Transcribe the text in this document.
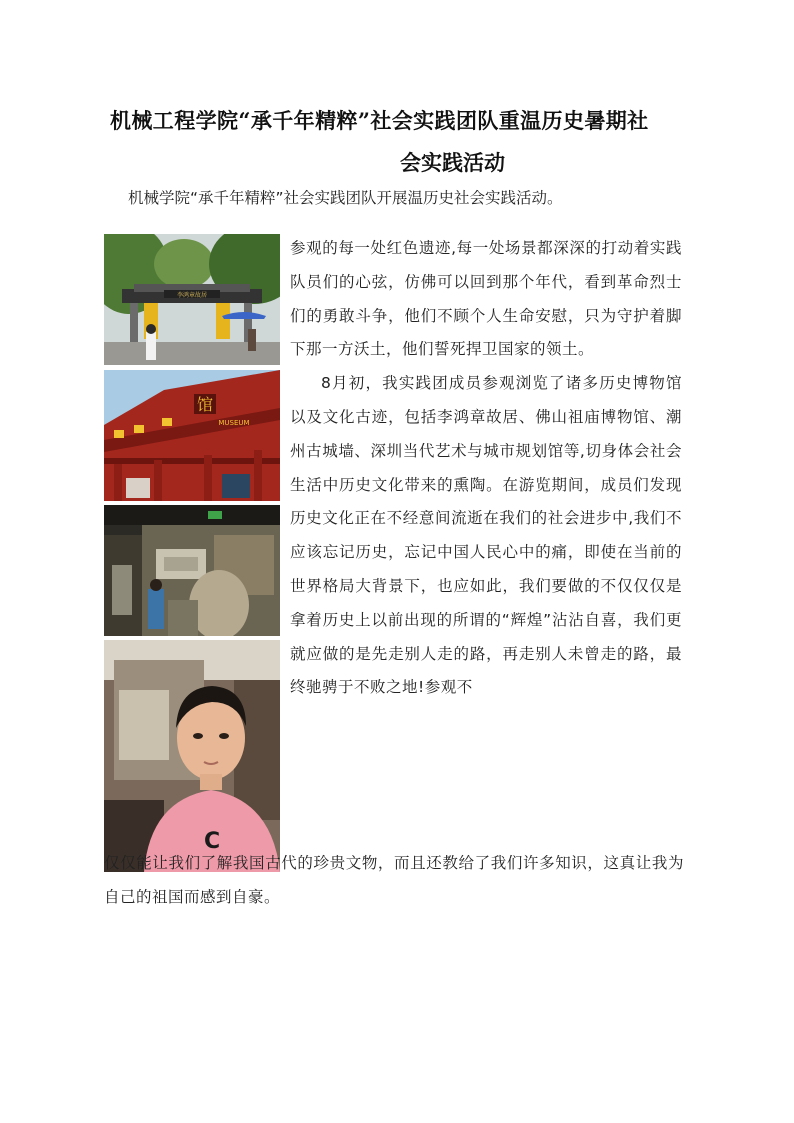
机械工程学院“承千年精粹”社会实践团队重温历史暑期社
会实践活动
机械学院“承千年精粹”社会实践团队开展温历史社会实践活动。
李鸿章故居
馆
MUSEUM
C

参观的每一处红色遗迹,每一处场景都深深的打动着实践队员们的心弦，仿佛可以回到那个年代，看到革命烈士们的勇敢斗争，他们不顾个人生命安慰，只为守护着脚下那一方沃土，他们誓死捍卫国家的领土。

8月初，我实践团成员参观浏览了诸多历史博物馆以及文化古迹，包括李鸿章故居、佛山祖庙博物馆、潮州古城墙、深圳当代艺术与城市规划馆等,切身体会社会生活中历史文化带来的熏陶。在游览期间，成员们发现历史文化正在不经意间流逝在我们的社会进步中,我们不应该忘记历史，忘记中国人民心中的痛，即使在当前的世界格局大背景下，也应如此，我们要做的不仅仅仅是拿着历史上以前出现的所谓的“辉煌”沾沾自喜，我们更就应做的是先走别人走的路，再走别人未曾走的路，最终驰骋于不败之地!参观不

仅仅能让我们了解我国古代的珍贵文物，而且还教给了我们许多知识，这真让我为自己的祖国而感到自豪。
